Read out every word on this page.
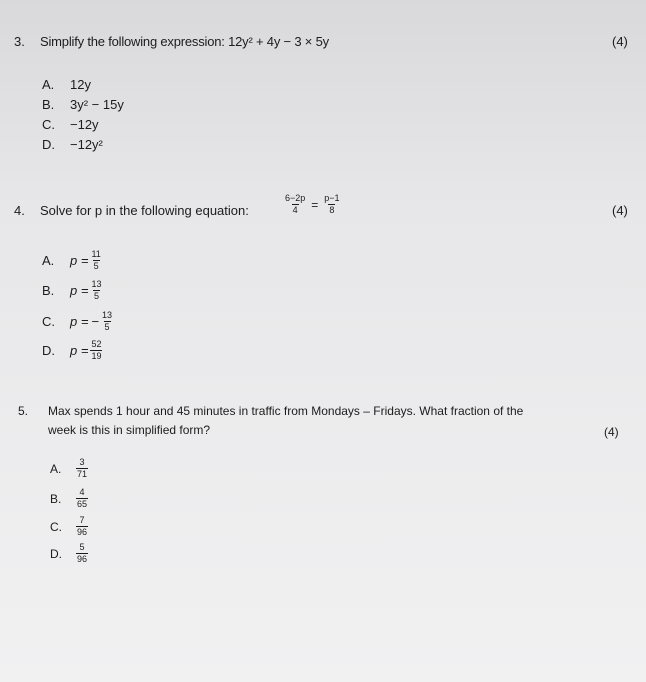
3. Simplify the following expression: 12y² + 4y − 3 × 5y	(4)
A.	12y
B.	3y² − 15y
C.	−12y
D.	−12y²
4. Solve for p in the following equation:	$\frac{6-2p}{4} = \frac{p-1}{8}$	(4)
A.	$p = \frac{11}{5}$
B.	$p = \frac{13}{5}$
C.	p = − $\frac{13}{5}$
D.	$p = \frac{52}{19}$
5. Max spends 1 hour and 45 minutes in traffic from Mondays – Fridays. What fraction of the
week is this in simplified form?	(4)
A.	$\frac{3}{71}$
B.	$\frac{4}{65}$
C.	$\frac{7}{96}$
D.	$\frac{5}{96}$
